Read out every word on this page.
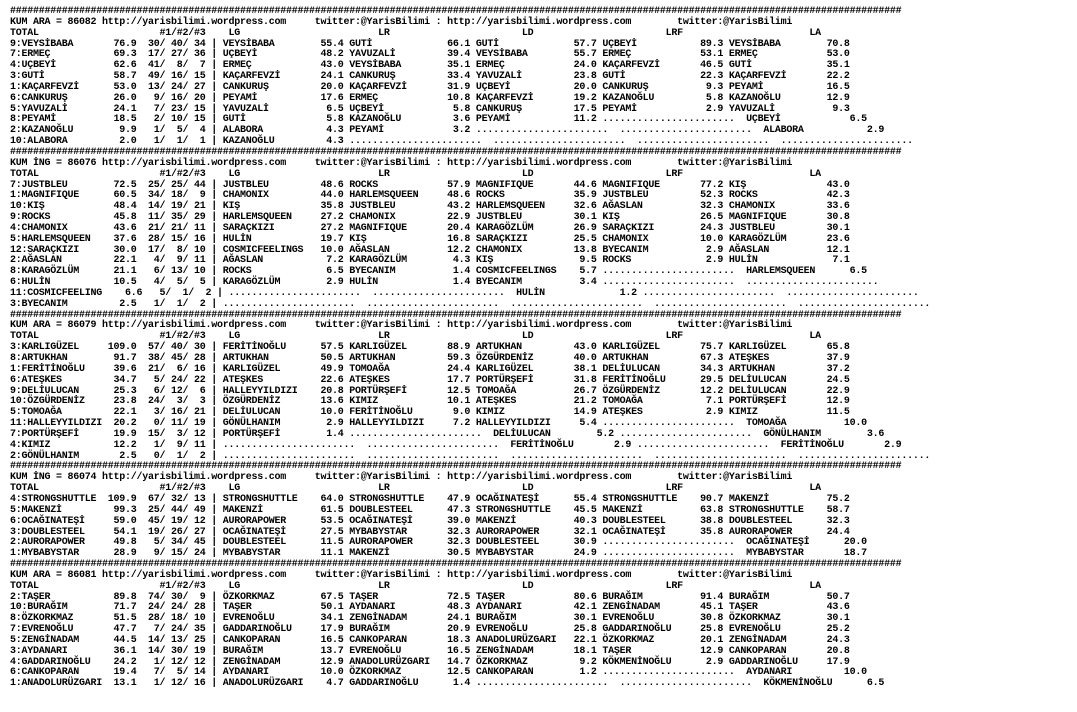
###########################################################################################################################################################
KUM ARA = 86082 http://yarisbilimi.wordpress.com     twitter:@YarisBilimi : http://yarisbilimi.wordpress.com        twitter:@YarisBilimi
TOTAL                     #1/#2/#3    LG                        LR                       LD                       LRF                      LA
9:VEYSİBABA       76.9  30/ 40/ 34 | VEYSİBABA        55.4 GUTİ             66.1 GUTİ             57.7 UÇBEYİ           89.3 VEYSİBABA        70.8
7:ERMEÇ           69.3  17/ 27/ 36 | UÇBEYİ           48.2 YAVUZALİ         39.4 VEYSİBABA        55.7 ERMEÇ            53.1 ERMEÇ            53.0
4:UÇBEYİ          62.6  41/  8/  7 | ERMEÇ            43.0 VEYSİBABA        35.1 ERMEÇ            24.0 KAÇARFEVZİ       46.5 GUTİ             35.1
3:GUTİ            58.7  49/ 16/ 15 | KAÇARFEVZİ       24.1 CANKURUŞ         33.4 YAVUZALİ         23.8 GUTİ             22.3 KAÇARFEVZİ       22.2
1:KAÇARFEVZİ      53.0  13/ 24/ 27 | CANKURUŞ         20.0 KAÇARFEVZİ       31.9 UÇBEYİ           20.0 CANKURUŞ          9.3 PEYAMİ           16.5
6:CANKURUŞ        26.0   9/ 16/ 20 | PEYAMİ           17.6 ERMEÇ            10.8 KAÇARFEVZİ       19.2 KAZANOĞLU         5.8 KAZANOĞLU        12.9
5:YAVUZALİ        24.1   7/ 23/ 15 | YAVUZALİ          6.5 UÇBEYİ            5.8 CANKURUŞ         17.5 PEYAMİ            2.9 YAVUZALİ          9.3
8:PEYAMİ          18.5   2/ 10/ 15 | GUTİ              5.8 KAZANOĞLU         3.6 PEYAMİ           11.2 .......................  UÇBEYİ            6.5
2:KAZANOĞLU        9.9   1/  5/  4 | ALABORA           4.3 PEYAMİ            3.2 .......................  .......................  ALABORA           2.9
10:ALABORA         2.0   1/  1/  1 | KAZANOĞLU         4.3 .......................  .......................  .......................  .......................
###########################################################################################################################################################
KUM İNG = 86076 http://yarisbilimi.wordpress.com     twitter:@YarisBilimi : http://yarisbilimi.wordpress.com        twitter:@YarisBilimi
TOTAL                     #1/#2/#3    LG                        LR                       LD                       LRF                      LA
7:JUSTBLEU        72.5  25/ 25/ 44 | JUSTBLEU         48.6 ROCKS            57.9 MAGNIFIQUE       44.6 MAGNIFIQUE       77.2 KIŞ              43.0
1:MAGNIFIQUE      60.5  34/ 18/  9 | CHAMONIX         44.0 HARLEMSQUEEN     48.6 ROCKS            35.9 JUSTBLEU         52.3 ROCKS            42.3
10:KIŞ            48.4  14/ 19/ 21 | KIŞ              35.8 JUSTBLEU         43.2 HARLEMSQUEEN     32.6 AĞASLAN          32.3 CHAMONIX         33.6
9:ROCKS           45.8  11/ 35/ 29 | HARLEMSQUEEN     27.2 CHAMONIX         22.9 JUSTBLEU         30.1 KIŞ              26.5 MAGNIFIQUE       30.8
4:CHAMONIX        43.6  21/ 21/ 11 | SARAÇKIZI        27.2 MAGNIFIQUE       20.4 KARAGÖZLÜM       26.9 SARAÇKIZI        24.3 JUSTBLEU         30.1
5:HARLEMSQUEEN    37.6  28/ 15/ 16 | HULİN            19.7 KIŞ              16.8 SARAÇKIZI        25.5 CHAMONIX         10.0 KARAGÖZLÜM       23.6
12:SARAÇKIZI      30.0  17/  8/ 10 | COSMICFEELINGS   10.0 AĞASLAN          12.2 CHAMONIX         13.8 BYECANIM          2.9 AĞASLAN          12.1
2:AĞASLAN         22.1   4/  9/ 11 | AĞASLAN           7.2 KARAGÖZLÜM        4.3 KIŞ               9.5 ROCKS             2.9 HULİN             7.1
8:KARAGÖZLÜM      21.1   6/ 13/ 10 | ROCKS             6.5 BYECANIM          1.4 COSMICFEELINGS    5.7 .......................  HARLEMSQUEEN      6.5
6:HULİN           10.5   4/  5/  5 | KARAGÖZLÜM        2.9 HULİN             1.4 BYECANIM          3.4 .......................  .......................
11:COSMICFEELING    6.6   5/  1/  2 | .......................  .......................  HULİN             1.2 .......................  .......................
3:BYECANIM         2.5   1/  1/  2 | .......................  .......................  .......................  .......................  .......................
###########################################################################################################################################################
KUM ARA = 86079 http://yarisbilimi.wordpress.com     twitter:@YarisBilimi : http://yarisbilimi.wordpress.com        twitter:@YarisBilimi
TOTAL                     #1/#2/#3    LG                        LR                       LD                       LRF                      LA
3:KARLIGÜZEL     109.0  57/ 40/ 30 | FERİTİNOĞLU      57.5 KARLIGÜZEL       88.9 ARTUKHAN         43.0 KARLIGÜZEL       75.7 KARLIGÜZEL       65.8
8:ARTUKHAN        91.7  38/ 45/ 28 | ARTUKHAN         50.5 ARTUKHAN         59.3 ÖZGÜRDENİZ       40.0 ARTUKHAN         67.3 ATEŞKES          37.9
1:FERİTİNOĞLU     39.6  21/  6/ 16 | KARLIGÜZEL       49.9 TOMOAĞA          24.4 KARLIGÜZEL       38.1 DELİULUCAN       34.3 ARTUKHAN         37.2
6:ATEŞKES         34.7   5/ 24/ 22 | ATEŞKES          22.6 ATEŞKES          17.7 PORTÜRŞEFİ       31.8 FERİTİNOĞLU      29.5 DELİULUCAN       24.5
9:DELİULUCAN      25.3   6/ 12/  6 | HALLEYYILDIZI    20.8 PORTÜRŞEFİ       12.5 TOMOAĞA          26.7 ÖZGÜRDENİZ       12.2 DELİULUCAN       22.9
10:ÖZGÜRDENİZ     23.8  24/  3/  3 | ÖZGÜRDENİZ       13.6 KIMIZ            10.1 ATEŞKES          21.2 TOMOAĞA           7.1 PORTÜRŞEFİ       12.9
5:TOMOAĞA         22.1   3/ 16/ 21 | DELİULUCAN       10.0 FERİTİNOĞLU       9.0 KIMIZ            14.9 ATEŞKES           2.9 KIMIZ            11.5
11:HALLEYYILDIZI  20.2   0/ 11/ 19 | GÖNÜLHANIM        2.9 HALLEYYILDIZI     7.2 HALLEYYILDIZI     5.4 .......................  TOMOAĞA          10.0
7:PORTÜRŞEFİ      19.9  15/  3/ 12 | PORTÜRŞEFİ        1.4 .......................  DELİULUCAN        5.2 .......................  GÖNÜLHANIM        3.6
4:KIMIZ           12.2   1/  9/ 11 | .......................  .......................  FERİTİNOĞLU       2.9 .......................  FERİTİNOĞLU       2.9
2:GÖNÜLHANIM       2.5   0/  1/  2 | .......................  .......................  .......................  .......................  .......................
###########################################################################################################################################################
KUM İNG = 86074 http://yarisbilimi.wordpress.com     twitter:@YarisBilimi : http://yarisbilimi.wordpress.com        twitter:@YarisBilimi
TOTAL                     #1/#2/#3    LG                        LR                       LD                       LRF                      LA
4:STRONGSHUTTLE  109.9  67/ 32/ 13 | STRONGSHUTTLE    64.0 STRONGSHUTTLE    47.9 OCAĞINATEŞİ      55.4 STRONGSHUTTLE    90.7 MAKENZİ          75.2
5:MAKENZİ         99.3  25/ 44/ 49 | MAKENZİ          61.5 DOUBLESTEEL      47.3 STRONGSHUTTLE    45.5 MAKENZİ          63.8 STRONGSHUTTLE    58.7
6:OCAĞINATEŞİ     59.0  45/ 19/ 12 | AURORAPOWER      53.5 OCAĞINATEŞİ      39.0 MAKENZİ          40.3 DOUBLESTEEL      38.8 DOUBLESTEEL      32.3
3:DOUBLESTEEL     54.1  19/ 26/ 27 | OCAĞINATEŞİ      27.5 MYBABYSTAR       32.3 AURORAPOWER      32.1 OCAĞINATEŞİ      35.8 AURORAPOWER      24.4
2:AURORAPOWER     49.8   5/ 34/ 45 | DOUBLESTEEL      11.5 AURORAPOWER      32.3 DOUBLESTEEL      30.9 .......................  OCAĞINATEŞİ      20.0
1:MYBABYSTAR      28.9   9/ 15/ 24 | MYBABYSTAR       11.1 MAKENZİ          30.5 MYBABYSTAR       24.9 .......................  MYBABYSTAR       18.7
###########################################################################################################################################################
KUM ARA = 86081 http://yarisbilimi.wordpress.com     twitter:@YarisBilimi : http://yarisbilimi.wordpress.com        twitter:@YarisBilimi
TOTAL                     #1/#2/#3    LG                        LR                       LD                       LRF                      LA
2:TAŞER           89.8  74/ 30/  9 | ÖZKORKMAZ        67.5 TAŞER            72.5 TAŞER            80.6 BURAĞIM          91.4 BURAĞIM          50.7
10:BURAĞIM        71.7  24/ 24/ 28 | TAŞER            50.1 AYDANARI         48.3 AYDANARI         42.1 ZENGİNADAM       45.1 TAŞER            43.6
8:ÖZKORKMAZ       51.5  28/ 18/ 10 | EVRENOĞLU        34.1 ZENGİNADAM       24.1 BURAĞIM          30.1 EVRENOĞLU        30.8 ÖZKORKMAZ        30.1
7:EVRENOĞLU       47.7   7/ 24/ 35 | GADDARINOĞLU     17.9 BURAĞIM          20.9 EVRENOĞLU        25.8 GADDARINOĞLU     25.8 EVRENOĞLU        25.2
5:ZENGİNADAM      44.5  14/ 13/ 25 | CANKOPARAN       16.5 CANKOPARAN       18.3 ANADOLURÜZGARI   22.1 ÖZKORKMAZ        20.1 ZENGİNADAM       24.3
3:AYDANARI        36.1  14/ 30/ 19 | BURAĞIM          13.7 EVRENOĞLU        16.5 ZENGİNADAM       18.1 TAŞER            12.9 CANKOPARAN       20.8
4:GADDARINOĞLU    24.2   1/ 12/ 12 | ZENGİNADAM       12.9 ANADOLURÜZGARI   14.7 ÖZKORKMAZ         9.2 KÖKMENİNOĞLU      2.9 GADDARINOĞLU     17.9
6:CANKOPARAN      19.4   7/  5/ 14 | AYDANARI         10.0 ÖZKORKMAZ        12.5 CANKOPARAN        1.2 .......................  AYDANARI         10.0
1:ANADOLURÜZGARI  13.1   1/ 12/ 16 | ANADOLURÜZGARI    4.7 GADDARINOĞLU      1.4 .......................  .......................  KÖKMENİNOĞLU      6.5
